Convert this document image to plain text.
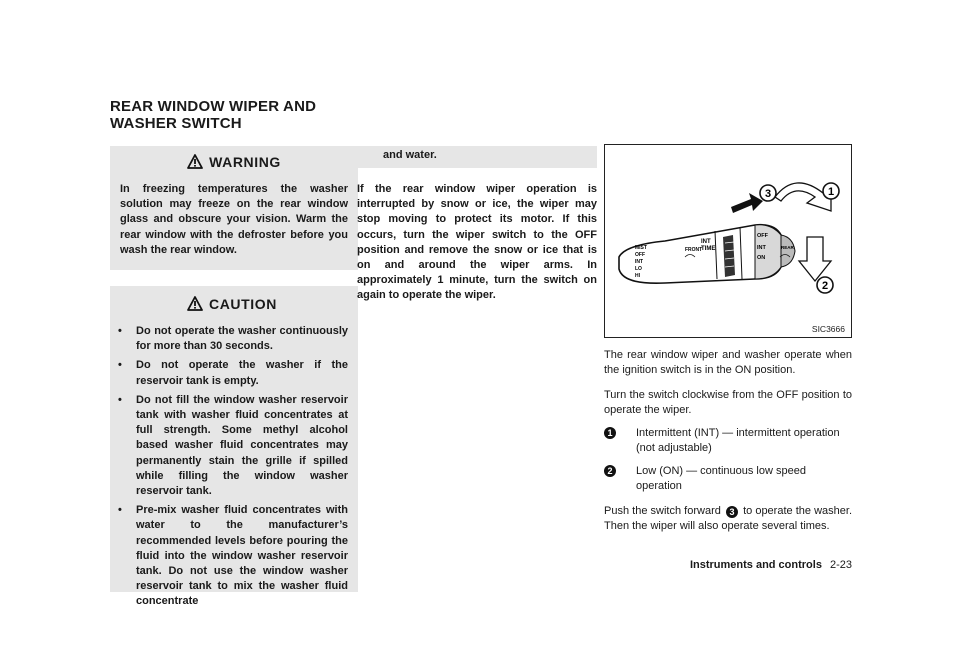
REAR WINDOW WIPER AND
WASHER SWITCH
WARNING
In freezing temperatures the washer solution may freeze on the rear window glass and obscure your vision. Warm the rear window with the defroster before you wash the rear window.
CAUTION
• Do not operate the washer continuously for more than 30 seconds.
• Do not operate the washer if the reservoir tank is empty.
• Do not fill the window washer reservoir tank with washer fluid concentrates at full strength. Some methyl alcohol based washer fluid concentrates may permanently stain the grille if spilled while filling the window washer reservoir tank.
• Pre-mix washer fluid concentrates with water to the manufacturer’s recommended levels before pouring the fluid into the window washer reservoir tank. Do not use the window washer reservoir tank to mix the washer fluid concentrate
and water.
If the rear window wiper operation is interrupted by snow or ice, the wiper may stop moving to protect its motor. If this occurs, turn the wiper switch to the OFF position and remove the snow or ice that is on and around the wiper arms. In approximately 1 minute, turn the switch on again to operate the wiper.
MIST
OFF
INT
LO
HI
FRONT
INT
TIME
OFF
INT
ON
REAR
3	1
2
SIC3666

The rear window wiper and washer operate when the ignition switch is in the ON position.

Turn the switch clockwise from the OFF position to operate the wiper.

1	Intermittent (INT) — intermittent operation (not adjustable)
2	Low (ON) — continuous low speed operation

Push the switch forward 3 to operate the washer. Then the wiper will also operate several times.

Instruments and controls 2-23
